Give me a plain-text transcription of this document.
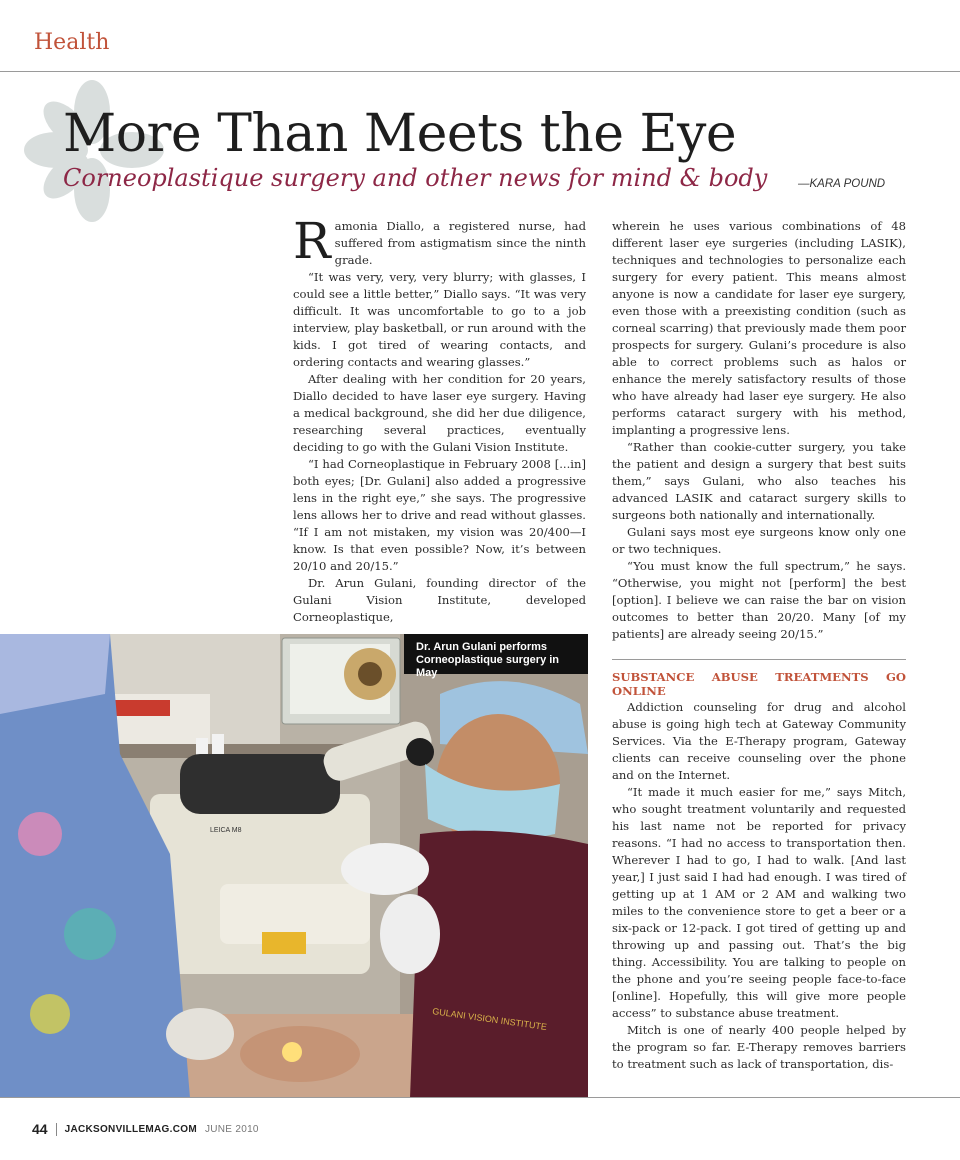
Health
More Than Meets the Eye
Corneoplastique surgery and other news for mind & body	—KARA POUND

Ramonia Diallo, a registered nurse, had suffered from astigmatism since the ninth grade.

“It was very, very, very blurry; with glasses, I could see a little better,” Diallo says. “It was very difficult. It was uncomfortable to go to a job interview, play basketball, or run around with the kids. I got tired of wearing contacts, and ordering contacts and wearing glasses.”

After dealing with her condition for 20 years, Diallo decided to have laser eye surgery. Having a medical background, she did her due diligence, researching several practices, eventually deciding to go with the Gulani Vision Institute.

“I had Corneoplastique in February 2008 [...in] both eyes; [Dr. Gulani] also added a progressive lens in the right eye,” she says. The progressive lens allows her to drive and read without glasses. “If I am not mistaken, my vision was 20/400—I know. Is that even possible? Now, it’s between 20/10 and 20/15.”

Dr. Arun Gulani, founding director of the Gulani Vision Institute, developed Corneoplastique,

wherein he uses various combinations of 48 different laser eye surgeries (including LASIK), techniques and technologies to personalize each surgery for every patient. This means almost anyone is now a candidate for laser eye surgery, even those with a preexisting condition (such as corneal scarring) that previously made them poor prospects for surgery. Gulani’s procedure is also able to correct problems such as halos or enhance the merely satisfactory results of those who have already had laser eye surgery. He also performs cataract surgery with his method, implanting a progressive lens.

“Rather than cookie-cutter surgery, you take the patient and design a surgery that best suits them,” says Gulani, who also teaches his advanced LASIK and cataract surgery skills to surgeons both nationally and internationally.

Gulani says most eye surgeons know only one or two techniques.

“You must know the full spectrum,” he says. “Otherwise, you might not [perform] the best [option]. I believe we can raise the bar on vision outcomes to better than 20/20. Many [of my patients] are already seeing 20/15.”

SUBSTANCE ABUSE TREATMENTS GO ONLINE

Addiction counseling for drug and alcohol abuse is going high tech at Gateway Community Services. Via the E-Therapy program, Gateway clients can receive counseling over the phone and on the Internet.

“It made it much easier for me,” says Mitch, who sought treatment voluntarily and requested his last name not be reported for privacy reasons. “I had no access to transportation then. Wherever I had to go, I had to walk. [And last year,] I just said I had had enough. I was tired of getting up at 1 AM or 2 AM and walking two miles to the convenience store to get a beer or a six-pack or 12-pack. I got tired of getting up and throwing up and passing out. That’s the big thing. Accessibility. You are talking to people on the phone and you’re seeing people face-to-face [online]. Hopefully, this will give more people access” to substance abuse treatment.

Mitch is one of nearly 400 people helped by the program so far. E-Therapy removes barriers to treatment such as lack of transportation, dis-

LEICA M8
GULANI VISION INSTITUTE
Dr. Arun Gulani performs
Corneoplastique surgery in May
44 JACKSONVILLEMAG.COM JUNE 2010
